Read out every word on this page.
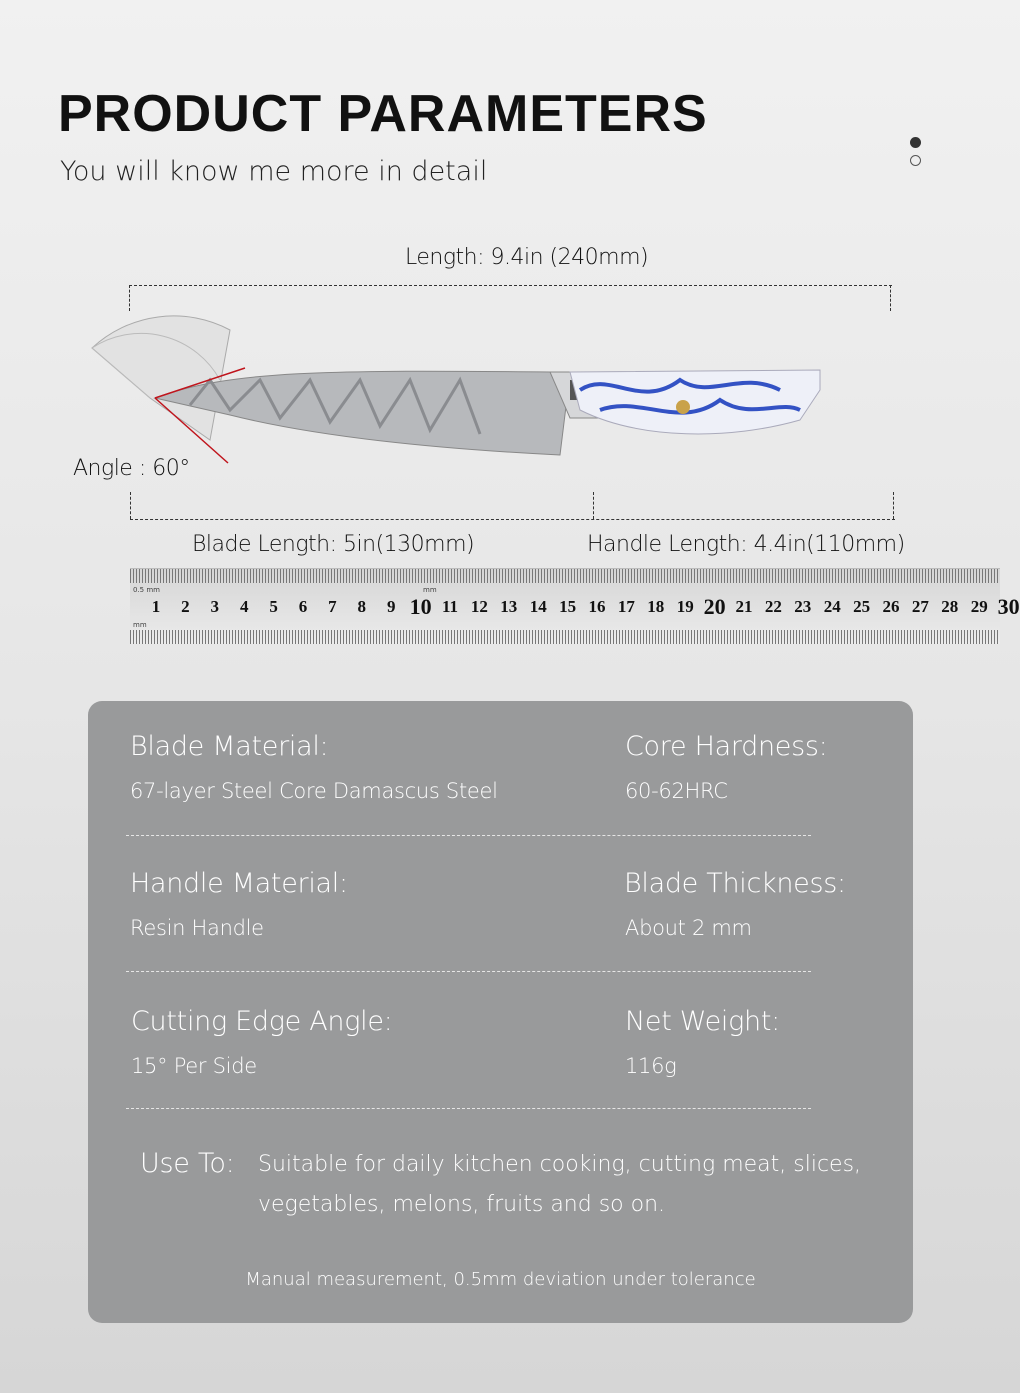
PRODUCT PARAMETERS
You will know me more in detail
Length: 9.4in (240mm)
Angle : 60°
Blade Length: 5in(130mm)	Handle Length: 4.4in(110mm)
0.5 mm	mm
mm
1 2 3 4 5 6 7 8 9 10 11 12 13 14 15 16 17 18 19 20 21 22 23 24 25 26 27 28 29 30
Blade Material:
67-layer Steel Core Damascus Steel
Core Hardness:
60-62HRC
Handle Material:
Resin Handle
Blade Thickness:
About 2 mm
Cutting Edge Angle:
15° Per Side
Net Weight:
116g
Use To: Suitable for daily kitchen cooking, cutting meat, slices,
vegetables, melons, fruits and so on.
Manual measurement, 0.5mm deviation under tolerance
